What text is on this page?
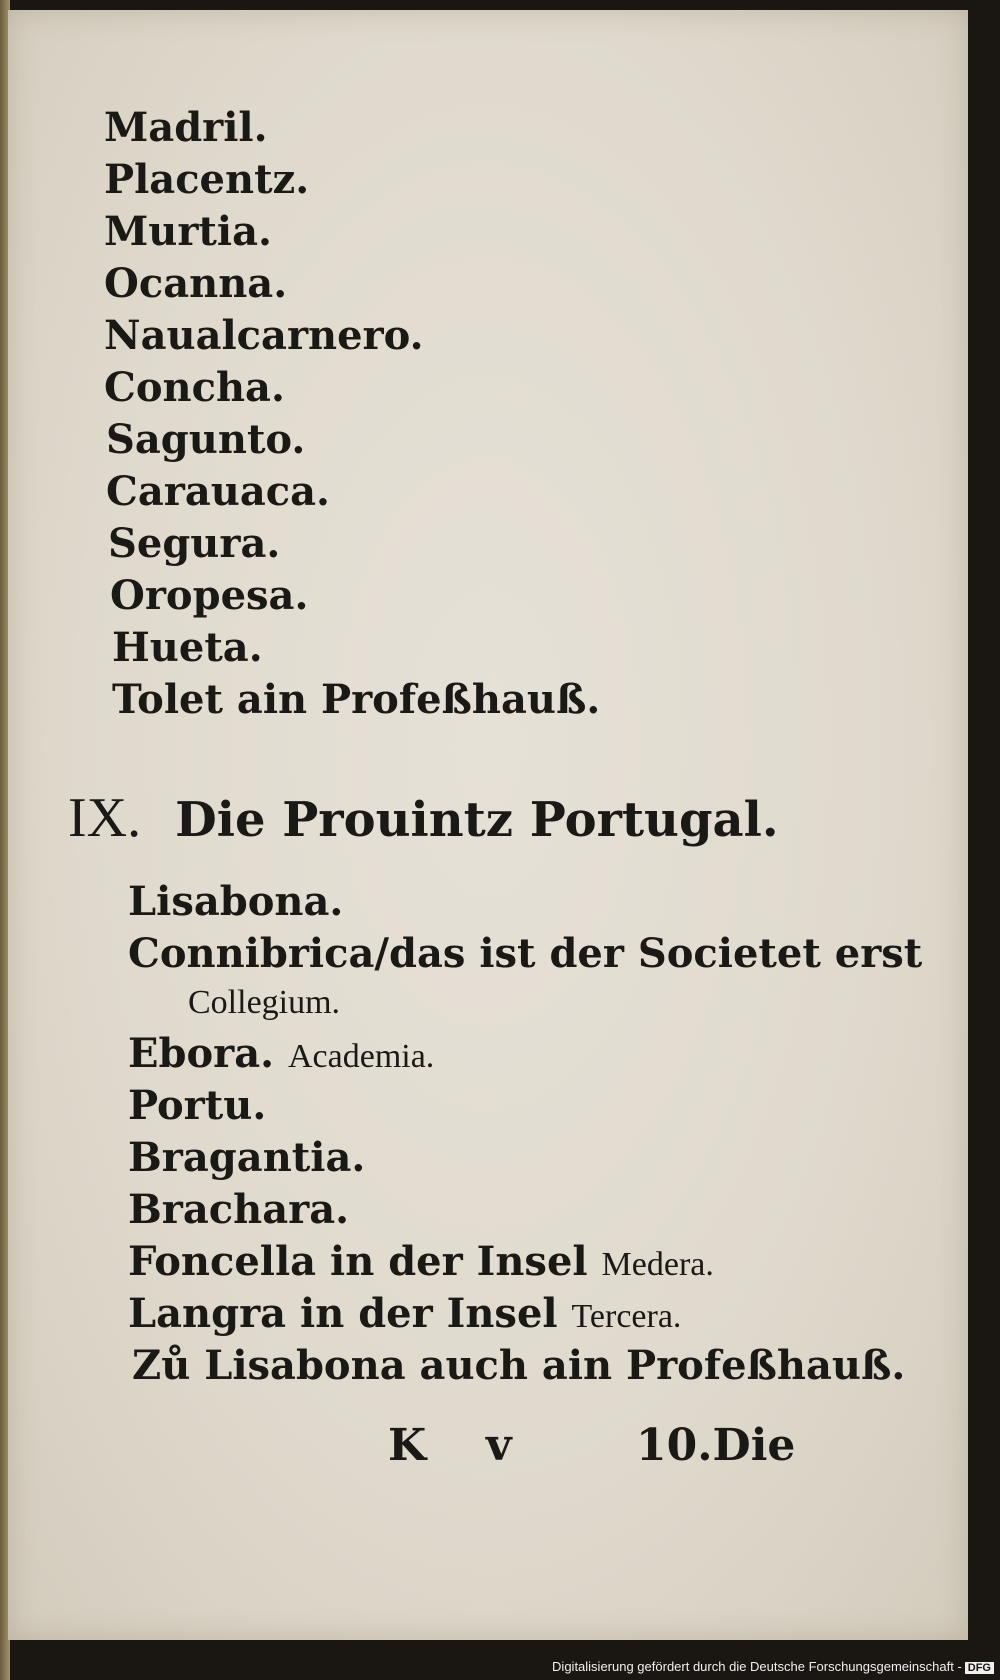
Madril.
Placentz.
Murtia.
Ocanna.
Naualcarnero.
Concha.
Sagunto.
Carauaca.
Segura.
Oropesa.
Hueta.
Tolet ain Profeßhauß.
IX. Die Prouintz Portugal.
Lisabona.
Connibrica/das ist der Societet erst
Collegium.
Ebora. Academia.
Portu.
Bragantia.
Brachara.
Foncella in der Insel Medera.
Langra in der Insel Tercera.
Zů Lisabona auch ain Profeßhauß.
K v	10.Die
Digitalisierung gefördert durch die Deutsche Forschungsgemeinschaft - DFG
